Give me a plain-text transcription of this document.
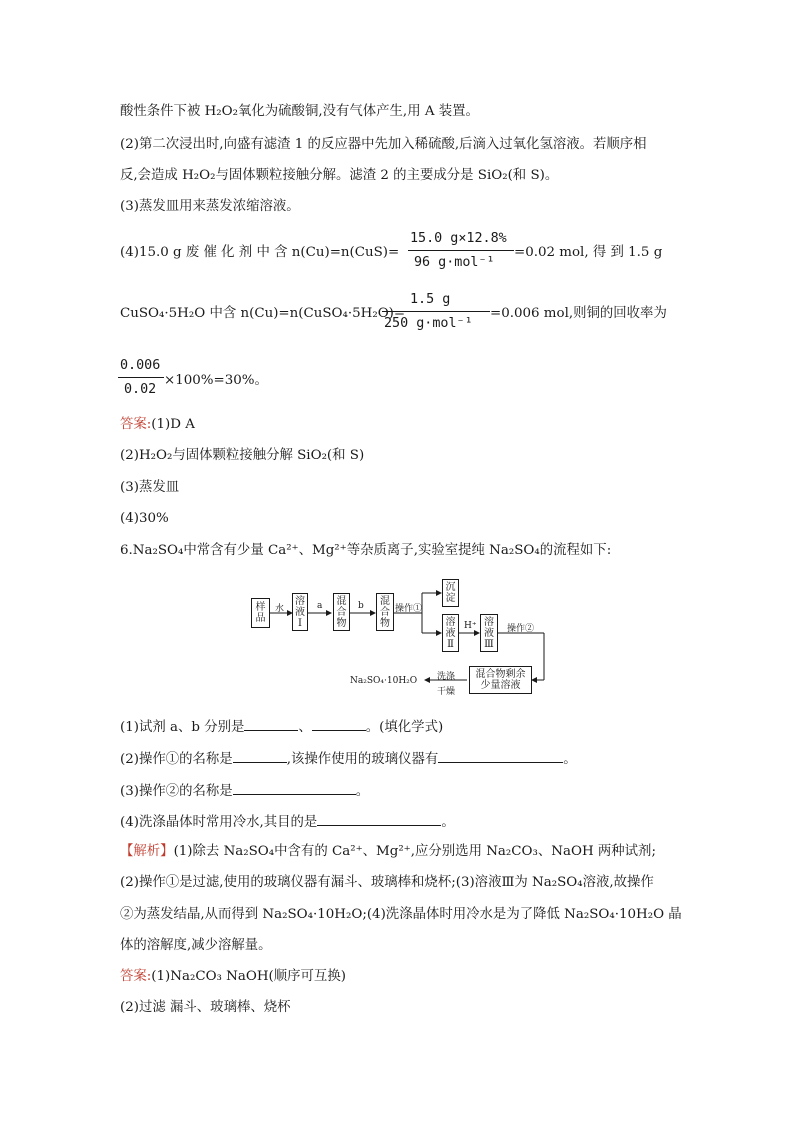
酸性条件下被 H₂O₂氧化为硫酸铜,没有气体产生,用 A 装置。
(2)第二次浸出时,向盛有滤渣 1 的反应器中先加入稀硫酸,后滴入过氧化氢溶液。若顺序相
反,会造成 H₂O₂与固体颗粒接触分解。滤渣 2 的主要成分是 SiO₂(和 S)。
(3)蒸发皿用来蒸发浓缩溶液。
(4)15.0 g 废 催 化 剂 中 含 n(Cu)=n(CuS)=
15.0 g×12.8%
96 g·mol⁻¹
=0.02 mol, 得 到 1.5 g
CuSO₄·5H₂O 中含 n(Cu)=n(CuSO₄·5H₂O)=
1.5 g
250 g·mol⁻¹
=0.006 mol,则铜的回收率为
0.006
0.02
×100%=30%。
答案:(1)D A
(2)H₂O₂与固体颗粒接触分解 SiO₂(和 S)
(3)蒸发皿
(4)30%
6.Na₂SO₄中常含有少量 Ca²⁺、Mg²⁺等杂质离子,实验室提纯 Na₂SO₄的流程如下:
样
品
水
溶
液
Ⅰ
a 混
合
物
b 混
合
物
操作①
沉
淀
溶
液
Ⅱ
H⁺ 溶
液
Ⅲ
操作②
混合物剩余
少量溶液
洗涤
干燥
Na₂SO₄·10H₂O
(1)试剂 a、b 分别是	、	。(填化学式)
(2)操作①的名称是	,该操作使用的玻璃仪器有	。
(3)操作②的名称是	。
(4)洗涤晶体时常用冷水,其目的是	。
【解析】(1)除去 Na₂SO₄中含有的 Ca²⁺、Mg²⁺,应分别选用 Na₂CO₃、NaOH 两种试剂;
(2)操作①是过滤,使用的玻璃仪器有漏斗、玻璃棒和烧杯;(3)溶液Ⅲ为 Na₂SO₄溶液,故操作
②为蒸发结晶,从而得到 Na₂SO₄·10H₂O;(4)洗涤晶体时用冷水是为了降低 Na₂SO₄·10H₂O 晶
体的溶解度,减少溶解量。
答案:(1)Na₂CO₃ NaOH(顺序可互换)
(2)过滤 漏斗、玻璃棒、烧杯
